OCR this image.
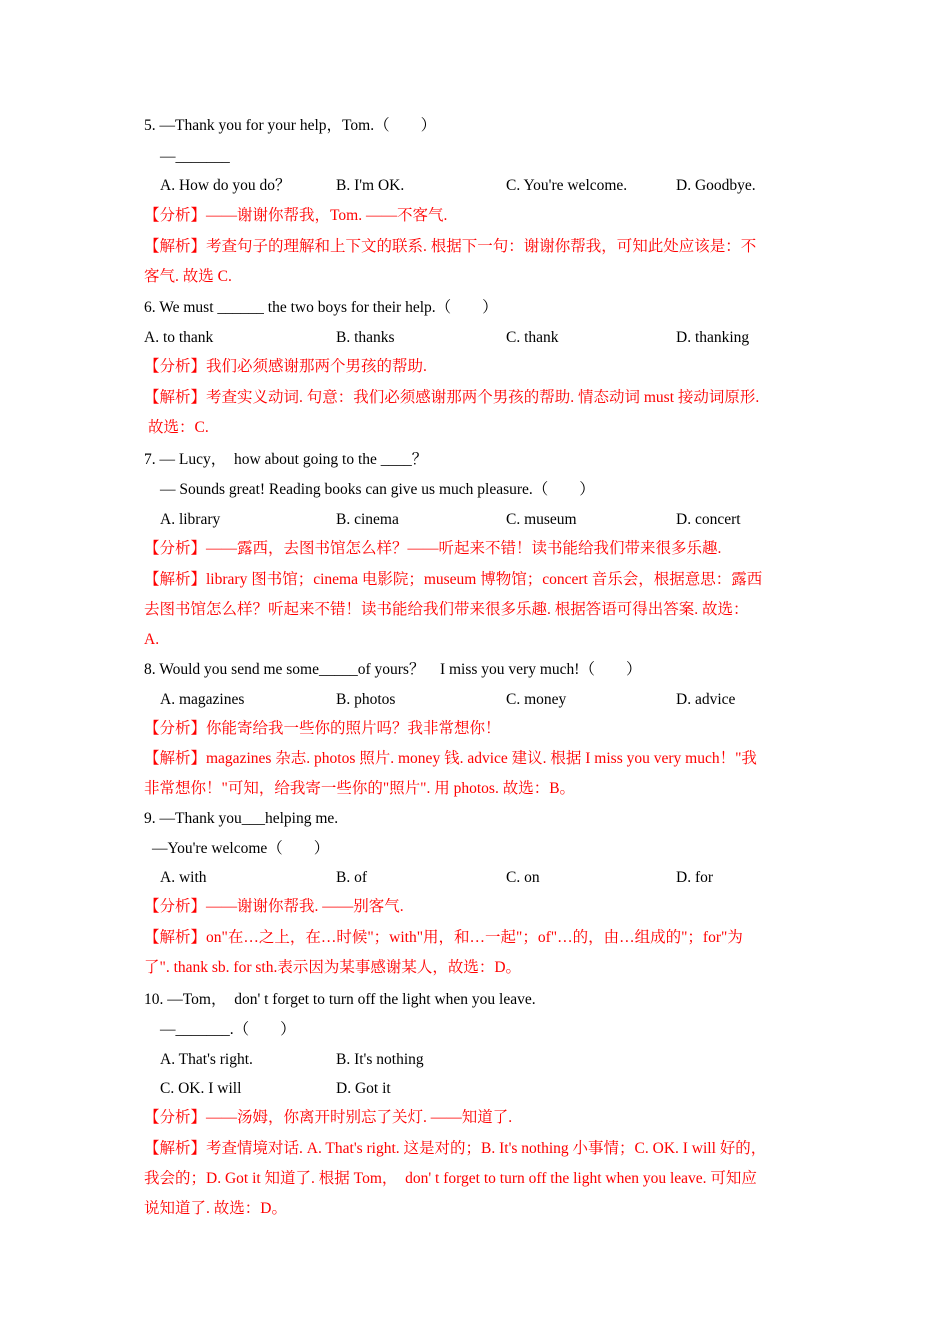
5. —Thank you for your help，Tom.（　　）
—_______
A. How do you do？	B. I'm OK.	C. You're welcome.	D. Goodbye.
【分析】——谢谢你帮我，Tom. ——不客气.
【解析】考查句子的理解和上下文的联系. 根据下一句：谢谢你帮我，可知此处应该是：不
客气. 故选 C.
6. We must ______ the two boys for their help.（　　）
A. to thank	B. thanks	C. thank	D. thanking
【分析】我们必须感谢那两个男孩的帮助.
【解析】考查实义动词. 句意：我们必须感谢那两个男孩的帮助. 情态动词 must 接动词原形.
故选：C.
7. — Lucy，　how about going to the ____？
— Sounds great! Reading books can give us much pleasure.（　　）
A. library	B. cinema	C. museum	D. concert
【分析】——露西，去图书馆怎么样？——听起来不错！读书能给我们带来很多乐趣.
【解析】library 图书馆；cinema 电影院；museum 博物馆；concert 音乐会，根据意思：露西
去图书馆怎么样？听起来不错！读书能给我们带来很多乐趣. 根据答语可得出答案. 故选：
A.
8. Would you send me some_____of yours？　I miss you very much!（　　）
A. magazines	B. photos	C. money	D. advice
【分析】你能寄给我一些你的照片吗？我非常想你！
【解析】magazines 杂志. photos 照片. money 钱. advice 建议. 根据 I miss you very much！"我
非常想你！"可知，给我寄一些你的"照片". 用 photos. 故选：B。
9. —Thank you___helping me.
—You're welcome（　　）
A. with	B. of	C. on	D. for
【分析】——谢谢你帮我. ——别客气.
【解析】on"在…之上，在…时候"；with"用，和…一起"；of"…的，由…组成的"；for"为
了". thank sb. for sth.表示因为某事感谢某人，故选：D。
10. —Tom，　don' t forget to turn off the light when you leave.
—_______.（　　）
A. That's right.	B. It's nothing
C. OK. I will	D. Got it
【分析】——汤姆，你离开时别忘了关灯. ——知道了.
【解析】考查情境对话. A. That's right. 这是对的；B. It's nothing 小事情；C. OK. I will 好的，
我会的；D. Got it 知道了. 根据 Tom，　don' t forget to turn off the light when you leave. 可知应
说知道了. 故选：D。
